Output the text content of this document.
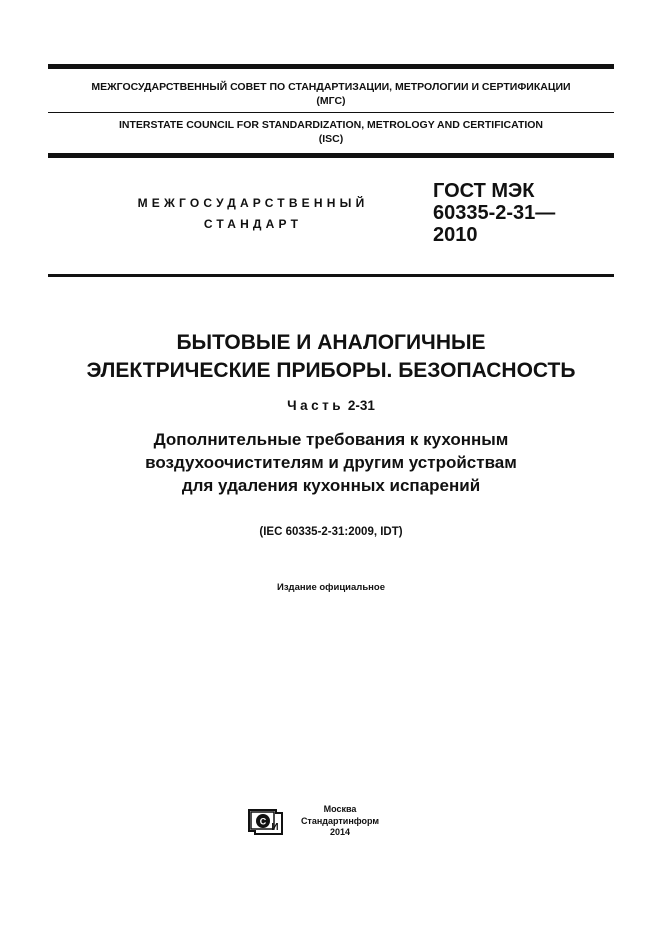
МЕЖГОСУДАРСТВЕННЫЙ СОВЕТ ПО СТАНДАРТИЗАЦИИ, МЕТРОЛОГИИ И СЕРТИФИКАЦИИ
(МГС)
INTERSTATE COUNCIL FOR STANDARDIZATION, METROLOGY AND CERTIFICATION
(ISC)
МЕЖГОСУДАРСТВЕННЫЙ
СТАНДАРТ
ГОСТ МЭК
60335-2-31—
2010
БЫТОВЫЕ И АНАЛОГИЧНЫЕ
ЭЛЕКТРИЧЕСКИЕ ПРИБОРЫ. БЕЗОПАСНОСТЬ
Часть 2-31
Дополнительные требования к кухонным
воздухоочистителям и другим устройствам
для удаления кухонных испарений
(IEC 60335-2-31:2009, IDT)
Издание официальное
С
И
Москва
Стандартинформ
2014
